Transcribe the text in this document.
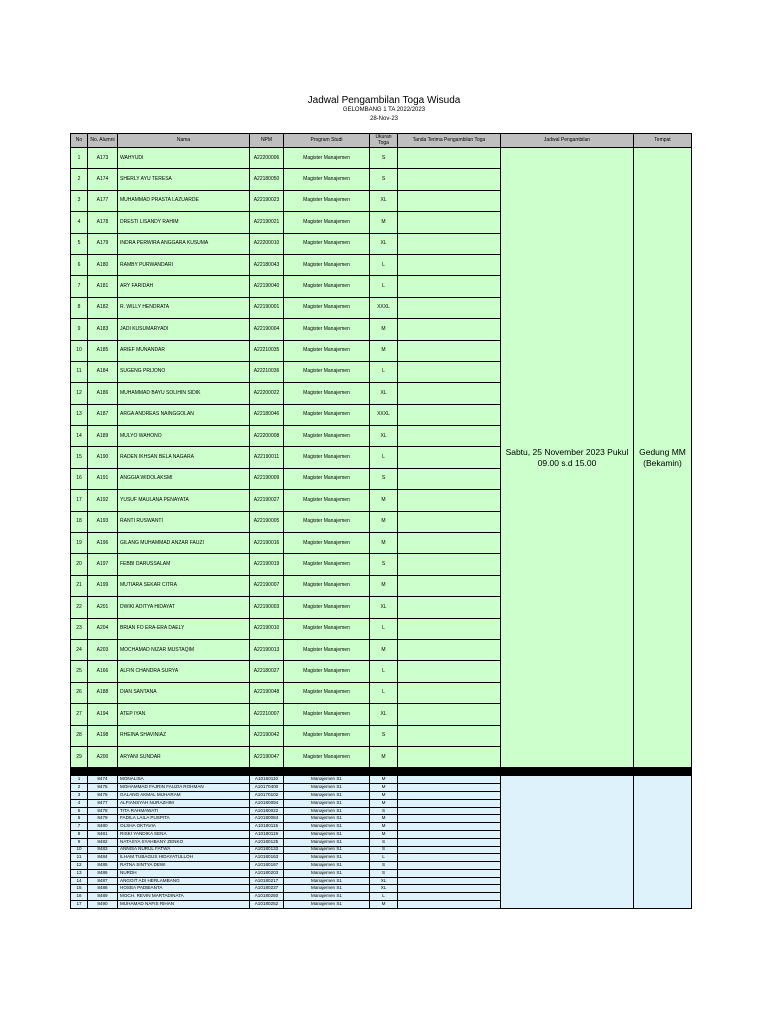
Jadwal Pengambilan Toga Wisuda
GELOMBANG 1 TA 2022/2023
28-Nov-23
No	No. Alumni	Nama	NPM	Program Studi	Ukuran Toga	Tanda Terima Pengambilan Toga	Jadwal Pengambilan	Tempat
1	A173	WAHYUDI	A22200006	Magister Manajemen	S		Sabtu, 25 November 2023 Pukul 09.00 s.d 15.00	Gedung MM (Bekamin)
2	A174	SHERLY AYU TERESA	A22180050	Magister Manajemen	S			
3	A177	MUHAMMAD PRASTA LAZUARDE	A22190023	Magister Manajemen	XL			
4	A178	DRESTI LISANDY RAHIM	A22190021	Magister Manajemen	M			
5	A179	INDRA PERWIRA ANGGARA KUSUMA	A22200010	Magister Manajemen	XL			
6	A180	RAMBY PURWANDARI	A22180043	Magister Manajemen	L			
7	A181	ARY FARIDAH	A22190040	Magister Manajemen	L			
8	A182	R. WILLY HENDRATA	A22190001	Magister Manajemen	XXXL			
9	A183	JADI KUSUMARYADI	A22190004	Magister Manajemen	M			
10	A185	ARIEF MUNANDAR	A22210035	Magister Manajemen	M			
11	A184	SUGENG PRIJONO	A22210036	Magister Manajemen	L			
12	A186	MUHAMMAD BAYU SOLIHIN SIDIK	A22200022	Magister Manajemen	XL			
13	A187	ARGA ANDREAS NAINGGOLAN	A22180046	Magister Manajemen	XXXL			
14	A189	MULYO WAHONO	A22200008	Magister Manajemen	XL			
15	A190	RADEN IKHSAN BELA NAGARA	A22190011	Magister Manajemen	L			
16	A191	ANGGIA WIDOLAKSMI	A22190009	Magister Manajemen	S			
17	A192	YUSUF MAULANA PENAYATA	A22190027	Magister Manajemen	M			
18	A193	RANTI RUSWANTI	A22190005	Magister Manajemen	M			
19	A196	GILANG MUHAMMAD ANZAR FAUZI	A22190016	Magister Manajemen	M			
20	A197	FEBBI DARUSSALAM	A22190019	Magister Manajemen	S			
21	A199	MUTIARA SEKAR CITRA	A22190007	Magister Manajemen	M			
22	A201	DWIKI ADITYA HIDAYAT	A22190003	Magister Manajemen	XL			
23	A204	BRIAN FO ERA-ERA DAELY	A22190010	Magister Manajemen	L			
24	A203	MOCHAMAD NIZAR MUSTAQIM	A22190013	Magister Manajemen	M			
25	A166	ALFIN CHANDRA SURYA	A22180027	Magister Manajemen	L			
26	A188	DIAN SANTANA	A22190048	Magister Manajemen	L			
27	A194	ATEP IYAN	A22210007	Magister Manajemen	XL			
28	A198	RHEINA SHAVINIAZ	A22190042	Magister Manajemen	S			
29	A200	ARYANI SUNDAR	A22190047	Magister Manajemen	M			

1	8474	MONALISA	A10160110	Manajemen S1	M			
2	8475	MOHAMMAD FAJRIN FAUZIA ROHMAN	A10170400	Manajemen S1	M			
3	8476	GALANG AKMAL MUHARAM	A10170102	Manajemen S1	M			
4	8477	ALFIANSYAH NURAZHIM	A10180094	Manajemen S1	M			
5	8478	TITA RAHMAWATI	A10180022	Manajemen S1	S			
6	8479	FADILA LAILA PUSPITA	A10180084	Manajemen S1	M			
7	8480	OLSHA OKTAVIA	A10180115	Manajemen S1	M			
8	8481	RISKI YANDIKA SENA	A10180119	Manajemen S1	M			
9	8482	NATASYA SYAHBANY ZENKO	A10180125	Manajemen S1	S			
10	8483	ANNISA NURUL FATWA	A10180133	Manajemen S1	S			
11	8484	ILHAM TUBAGUS HIDAYATULLOH	A10180163	Manajemen S1	L			
12	8485	RATNA SINTYA DEWI	A10180167	Manajemen S1	S			
13	8486	NURDH	A10180203	Manajemen S1	S			
14	8487	ANGGIT ADI HERLAMBANG	A10180217	Manajemen S1	XL			
15	8488	HOSEA PADBIANTA	A10180237	Manajemen S1	XL			
16	8489	MOCH. REVIN MARTADINATA	A10180250	Manajemen S1	L			
17	8490	MUHAMAD NAFIS RIHAN	A10180252	Manajemen S1	M			
